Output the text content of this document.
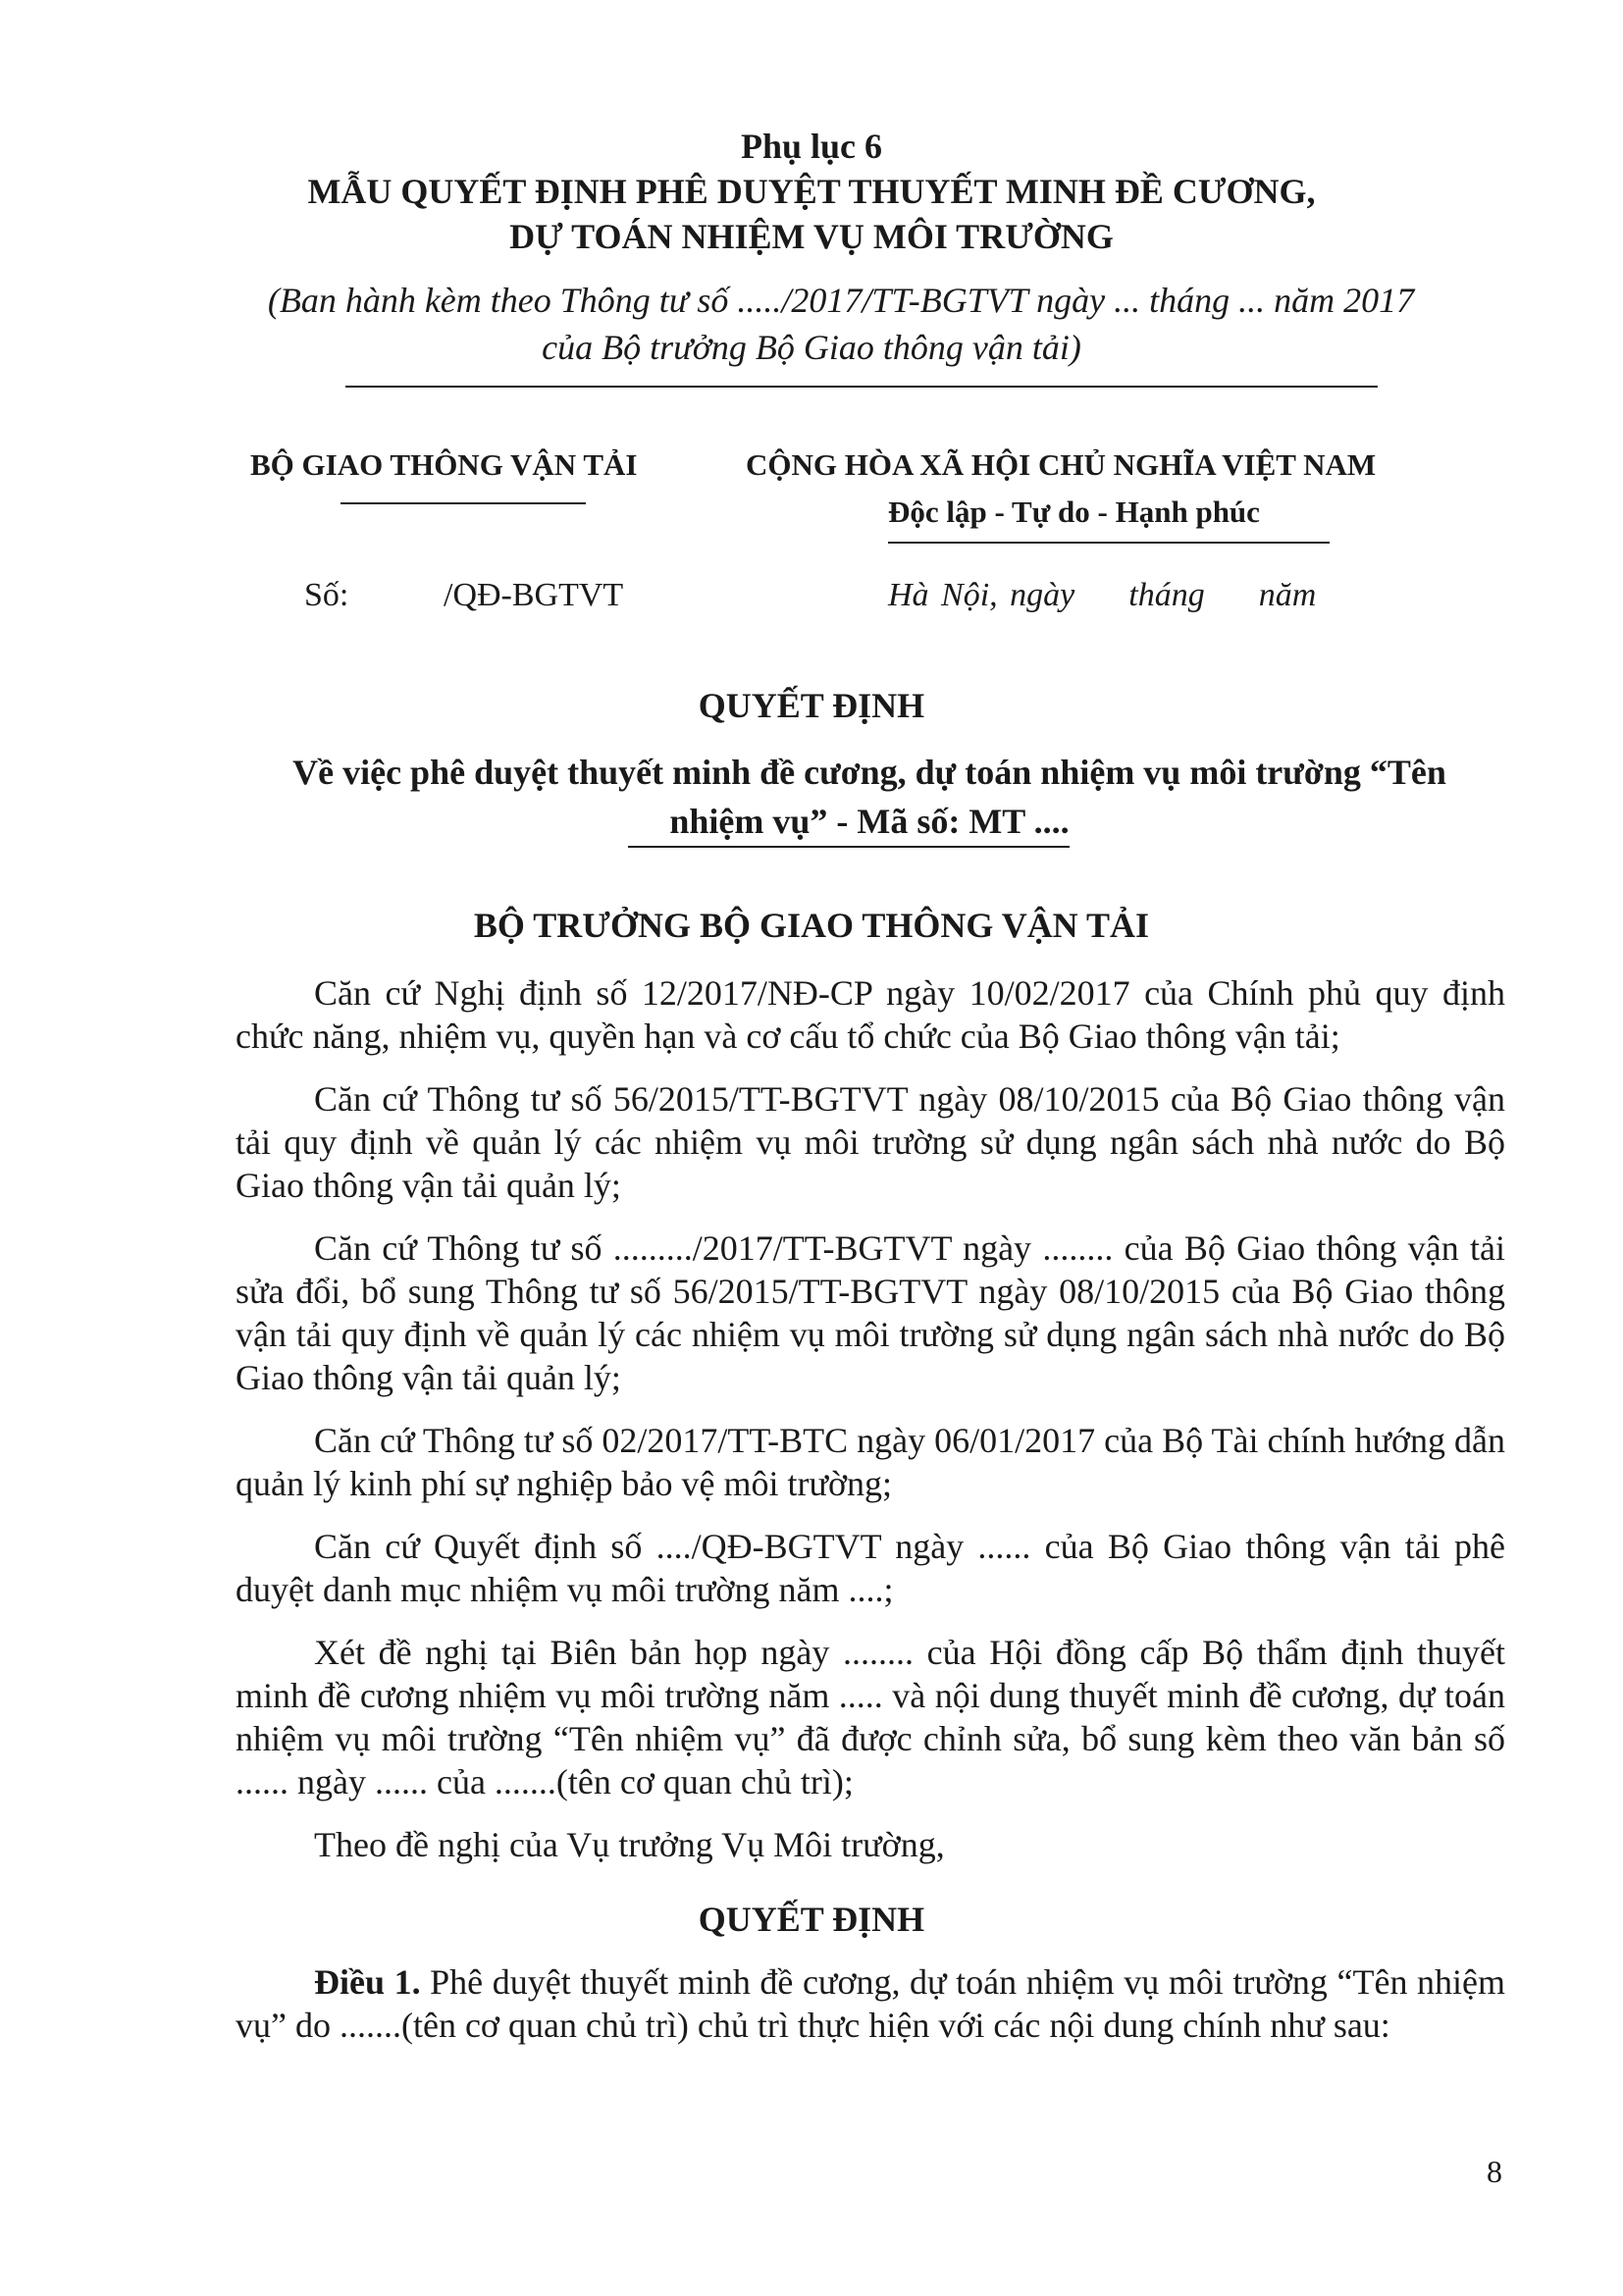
Phụ lục 6
MẪU QUYẾT ĐỊNH PHÊ DUYỆT THUYẾT MINH ĐỀ CƯƠNG,
DỰ TOÁN NHIỆM VỤ MÔI TRƯỜNG
(Ban hành kèm theo Thông tư số ...../2017/TT-BGTVT ngày ... tháng ... năm 2017
của Bộ trưởng Bộ Giao thông vận tải)
BỘ GIAO THÔNG VẬN TẢI	CỘNG HÒA XÃ HỘI CHỦ NGHĨA VIỆT NAM
Độc lập - Tự do - Hạnh phúc
Số:	/QĐ-BGTVT	Hà Nội, ngày tháng năm
QUYẾT ĐỊNH
Về việc phê duyệt thuyết minh đề cương, dự toán nhiệm vụ môi trường “Tên
nhiệm vụ” - Mã số: MT ....
BỘ TRƯỞNG BỘ GIAO THÔNG VẬN TẢI

Căn cứ Nghị định số 12/2017/NĐ-CP ngày 10/02/2017 của Chính phủ quy định chức năng, nhiệm vụ, quyền hạn và cơ cấu tổ chức của Bộ Giao thông vận tải;

Căn cứ Thông tư số 56/2015/TT-BGTVT ngày 08/10/2015 của Bộ Giao thông vận tải quy định về quản lý các nhiệm vụ môi trường sử dụng ngân sách nhà nước do Bộ Giao thông vận tải quản lý;

Căn cứ Thông tư số ........./2017/TT-BGTVT ngày ........ của Bộ Giao thông vận tải sửa đổi, bổ sung Thông tư số 56/2015/TT-BGTVT ngày 08/10/2015 của Bộ Giao thông vận tải quy định về quản lý các nhiệm vụ môi trường sử dụng ngân sách nhà nước do Bộ Giao thông vận tải quản lý;

Căn cứ Thông tư số 02/2017/TT-BTC ngày 06/01/2017 của Bộ Tài chính hướng dẫn quản lý kinh phí sự nghiệp bảo vệ môi trường;

Căn cứ Quyết định số ..../QĐ-BGTVT ngày ...... của Bộ Giao thông vận tải phê duyệt danh mục nhiệm vụ môi trường năm ....;

Xét đề nghị tại Biên bản họp ngày ........ của Hội đồng cấp Bộ thẩm định thuyết minh đề cương nhiệm vụ môi trường năm ..... và nội dung thuyết minh đề cương, dự toán nhiệm vụ môi trường “Tên nhiệm vụ” đã được chỉnh sửa, bổ sung kèm theo văn bản số ...... ngày ...... của .......(tên cơ quan chủ trì);

Theo đề nghị của Vụ trưởng Vụ Môi trường,

QUYẾT ĐỊNH
Điều 1. Phê duyệt thuyết minh đề cương, dự toán nhiệm vụ môi trường “Tên nhiệm vụ” do .......(tên cơ quan chủ trì) chủ trì thực hiện với các nội dung chính như sau:
8
